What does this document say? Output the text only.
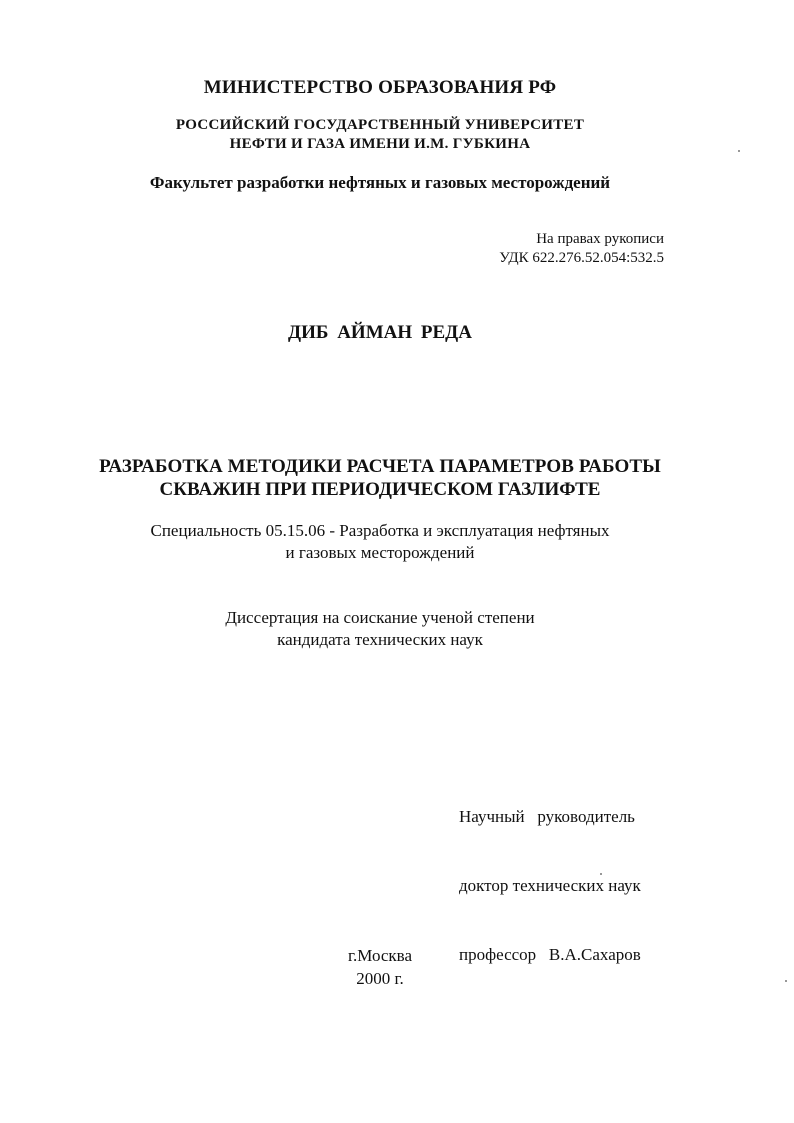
МИНИСТЕРСТВО ОБРАЗОВАНИЯ РФ
РОССИЙСКИЙ ГОСУДАРСТВЕННЫЙ УНИВЕРСИТЕТ
НЕФТИ И ГАЗА ИМЕНИ И.М. ГУБКИНА
Факультет разработки нефтяных и газовых месторождений
На правах рукописи
УДК 622.276.52.054:532.5
ДИБ АЙМАН РЕДА
РАЗРАБОТКА МЕТОДИКИ РАСЧЕТА ПАРАМЕТРОВ РАБОТЫ
СКВАЖИН ПРИ ПЕРИОДИЧЕСКОМ ГАЗЛИФТЕ
Специальность 05.15.06 - Разработка и эксплуатация нефтяных
и газовых месторождений
Диссертация на соискание ученой степени
кандидата технических наук

Научный   руководитель

доктор технических наук

профессор   В.А.Сахаров

г.Москва
2000 г.
